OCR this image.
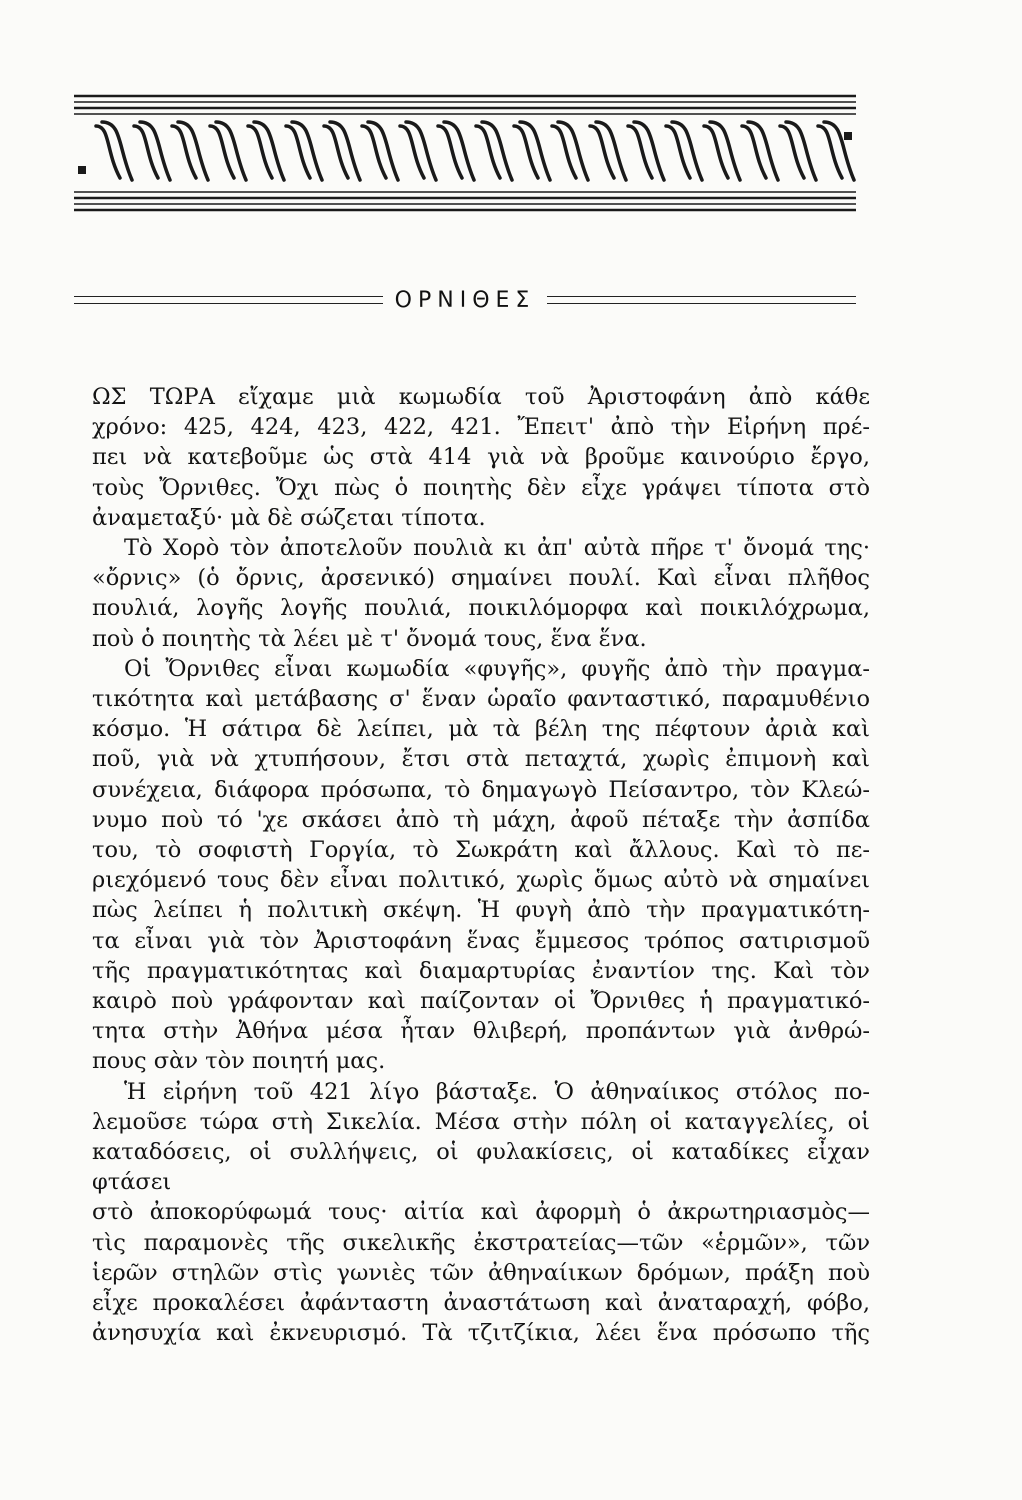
ΟΡΝΙΘΕΣ

ΩΣ ΤΩΡΑ εἴχαμε μιὰ κωμωδία τοῦ Ἀριστοφάνη ἀπὸ κάθε
χρόνο: 425, 424, 423, 422, 421. Ἔπειτ' ἀπὸ τὴν Εἰρήνη πρέ-
πει νὰ κατεβοῦμε ὡς στὰ 414 γιὰ νὰ βροῦμε καινούριο ἔργο,
τοὺς Ὄρνιθες. Ὄχι πὼς ὁ ποιητὴς δὲν εἶχε γράψει τίποτα στὸ
ἀναμεταξύ· μὰ δὲ σώζεται τίποτα.

Τὸ Χορὸ τὸν ἀποτελοῦν πουλιὰ κι ἀπ' αὐτὰ πῆρε τ' ὄνομά της·
«ὄρνις» (ὁ ὄρνις, ἀρσενικό) σημαίνει πουλί. Καὶ εἶναι πλῆθος
πουλιά, λογῆς λογῆς πουλιά, ποικιλόμορφα καὶ ποικιλόχρωμα,
ποὺ ὁ ποιητὴς τὰ λέει μὲ τ' ὄνομά τους, ἕνα ἕνα.

Οἱ Ὄρνιθες εἶναι κωμωδία «φυγῆς», φυγῆς ἀπὸ τὴν πραγμα-
τικότητα καὶ μετάβασης σ' ἕναν ὡραῖο φανταστικό, παραμυθένιο
κόσμο. Ἡ σάτιρα δὲ λείπει, μὰ τὰ βέλη της πέφτουν ἀριὰ καὶ
ποῦ, γιὰ νὰ χτυπήσουν, ἔτσι στὰ πεταχτά, χωρὶς ἐπιμονὴ καὶ
συνέχεια, διάφορα πρόσωπα, τὸ δημαγωγὸ Πείσαντρο, τὸν Κλεώ-
νυμο ποὺ τό 'χε σκάσει ἀπὸ τὴ μάχη, ἀφοῦ πέταξε τὴν ἀσπίδα
του, τὸ σοφιστὴ Γοργία, τὸ Σωκράτη καὶ ἄλλους. Καὶ τὸ πε-
ριεχόμενό τους δὲν εἶναι πολιτικό, χωρὶς ὅμως αὐτὸ νὰ σημαίνει
πὼς λείπει ἡ πολιτικὴ σκέψη. Ἡ φυγὴ ἀπὸ τὴν πραγματικότη-
τα εἶναι γιὰ τὸν Ἀριστοφάνη ἕνας ἔμμεσος τρόπος σατιρισμοῦ
τῆς πραγματικότητας καὶ διαμαρτυρίας ἐναντίον της. Καὶ τὸν
καιρὸ ποὺ γράφονταν καὶ παίζονταν οἱ Ὄρνιθες ἡ πραγματικό-
τητα στὴν Ἀθήνα μέσα ἦταν θλιβερή, προπάντων γιὰ ἀνθρώ-
πους σὰν τὸν ποιητή μας.

Ἡ εἰρήνη τοῦ 421 λίγο βάσταξε. Ὁ ἀθηναίικος στόλος πο-
λεμοῦσε τώρα στὴ Σικελία. Μέσα στὴν πόλη οἱ καταγγελίες, οἱ
καταδόσεις, οἱ συλλήψεις, οἱ φυλακίσεις, οἱ καταδίκες εἶχαν φτάσει
στὸ ἀποκορύφωμά τους· αἰτία καὶ ἀφορμὴ ὁ ἀκρωτηριασμὸς—
τὶς παραμονὲς τῆς σικελικῆς ἐκστρατείας—τῶν «ἑρμῶν», τῶν
ἱερῶν στηλῶν στὶς γωνιὲς τῶν ἀθηναίικων δρόμων, πράξη ποὺ
εἶχε προκαλέσει ἀφάνταστη ἀναστάτωση καὶ ἀναταραχή, φόβο,
ἀνησυχία καὶ ἐκνευρισμό. Τὰ τζιτζίκια, λέει ἕνα πρόσωπο τῆς
